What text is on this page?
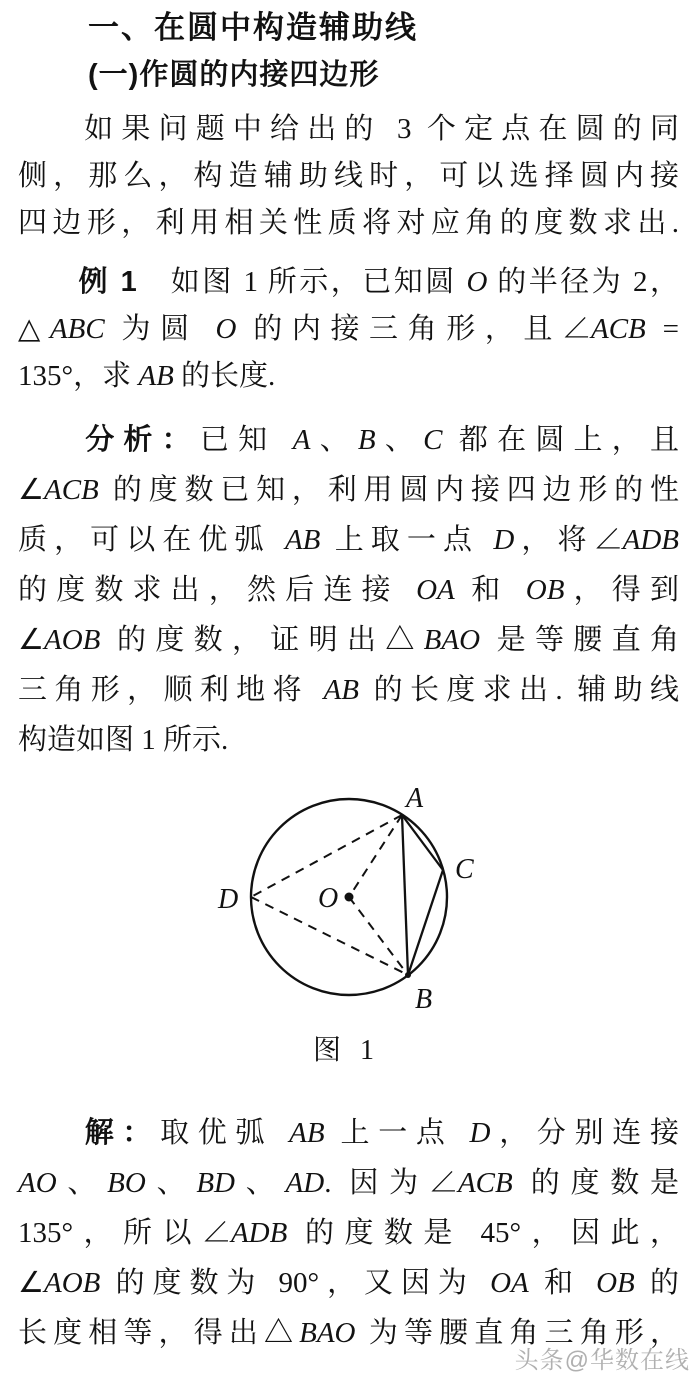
一、在圆中构造辅助线
(一)作圆的内接四边形
如果问题中给出的 3 个定点在圆的同
侧，那么，构造辅助线时，可以选择圆内接
四边形，利用相关性质将对应角的度数求出.
例 1　如图 1 所示，已知圆 O 的半径为 2，
△ABC 为圆 O 的内接三角形，且∠ACB =
135°，求 AB 的长度.
分析：已知 A、B、C 都在圆上，且
∠ACB 的度数已知，利用圆内接四边形的性
质，可以在优弧 AB 上取一点 D，将∠ADB
的度数求出，然后连接 OA 和 OB，得到
∠AOB 的度数，证明出△BAO 是等腰直角
三角形，顺利地将 AB 的长度求出. 辅助线
构造如图 1 所示.
A
B
C
D	O
图 1
解：取优弧 AB 上一点 D，分别连接
AO、BO、BD、AD. 因为∠ACB 的度数是
135°，所以∠ADB 的度数是 45°，因此，
∠AOB 的度数为 90°，又因为 OA 和 OB 的
长度相等，得出△BAO 为等腰直角三角形，
头条@华数在线
